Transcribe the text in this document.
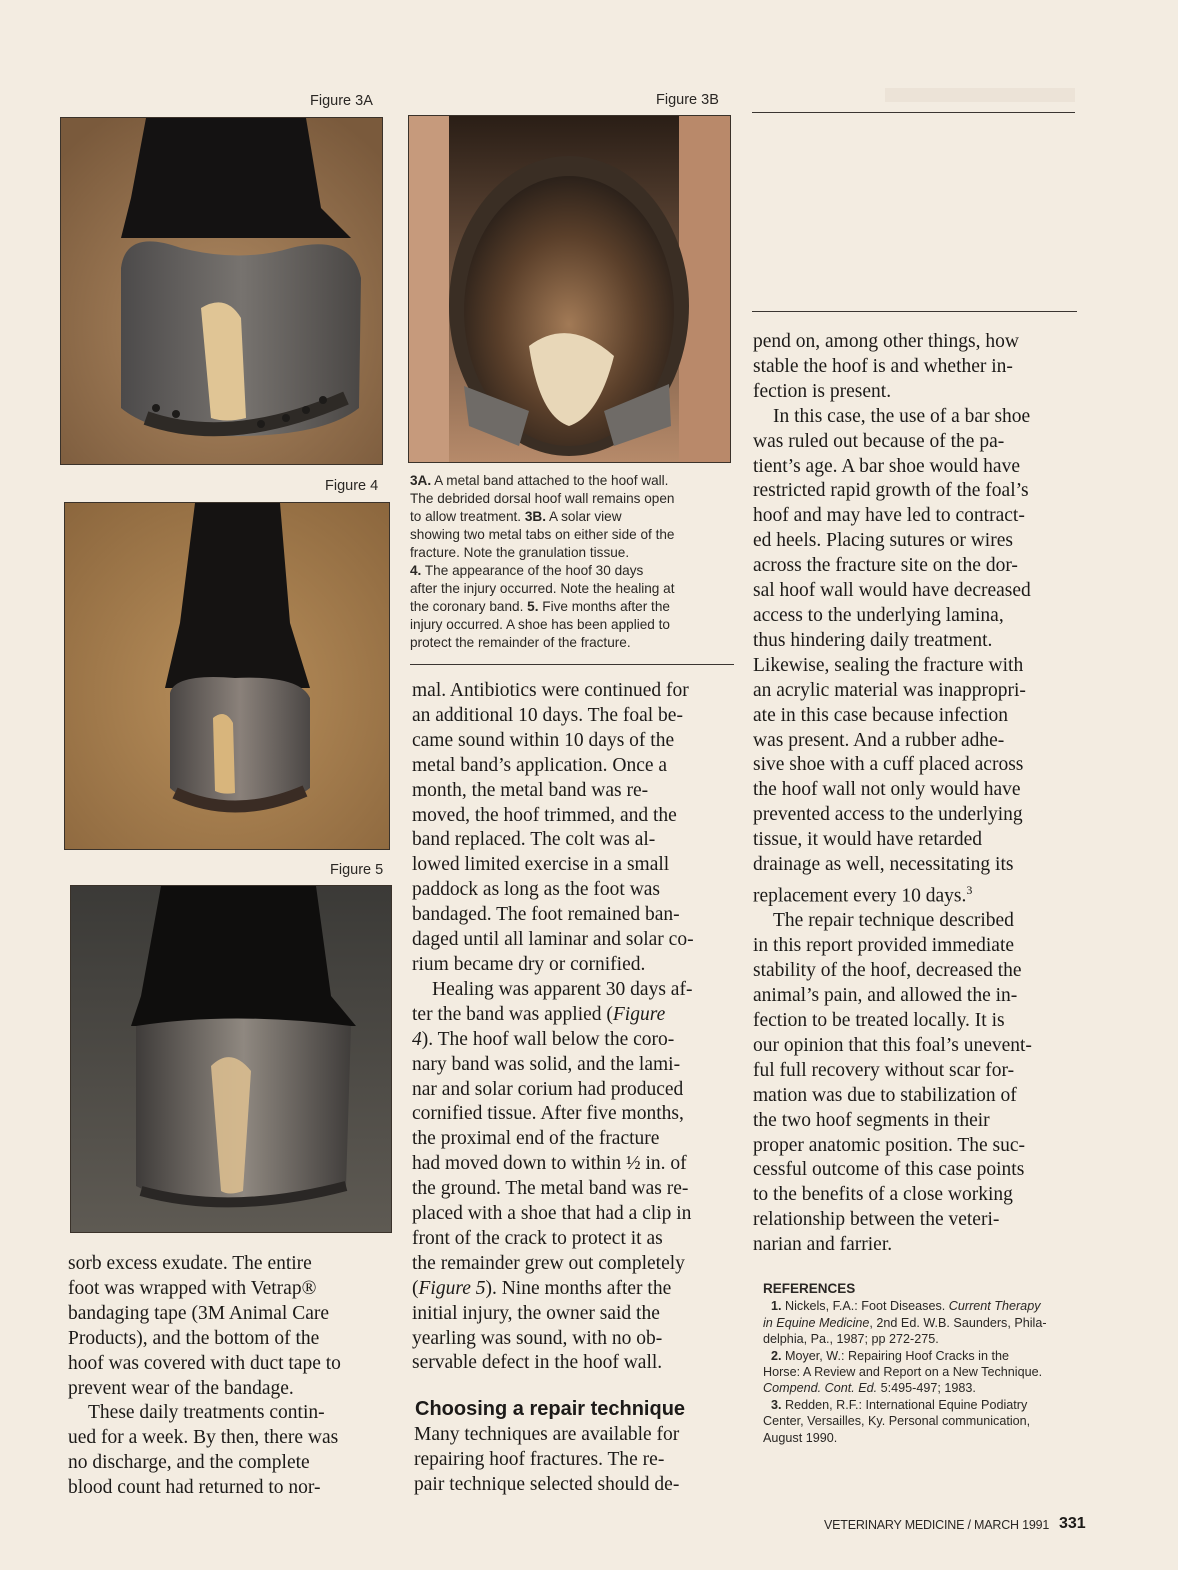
Figure 3A	Figure 3B
Figure 4
Figure 5
3A. A metal band attached to the hoof wall.
The debrided dorsal hoof wall remains open
to allow treatment. 3B. A solar view
showing two metal tabs on either side of the
fracture. Note the granulation tissue.
4. The appearance of the hoof 30 days
after the injury occurred. Note the healing at
the coronary band. 5. Five months after the
injury occurred. A shoe has been applied to
protect the remainder of the fracture.

sorb excess exudate. The entire

foot was wrapped with Vetrap®

bandaging tape (3M Animal Care

Products), and the bottom of the

hoof was covered with duct tape to

prevent wear of the bandage.

These daily treatments contin-

ued for a week. By then, there was

no discharge, and the complete

blood count had returned to nor-

mal. Antibiotics were continued for

an additional 10 days. The foal be-

came sound within 10 days of the

metal band’s application. Once a

month, the metal band was re-

moved, the hoof trimmed, and the

band replaced. The colt was al-

lowed limited exercise in a small

paddock as long as the foot was

bandaged. The foot remained ban-

daged until all laminar and solar co-

rium became dry or cornified.

Healing was apparent 30 days af-

ter the band was applied (Figure

4). The hoof wall below the coro-

nary band was solid, and the lami-

nar and solar corium had produced

cornified tissue. After five months,

the proximal end of the fracture

had moved down to within ½ in. of

the ground. The metal band was re-

placed with a shoe that had a clip in

front of the crack to protect it as

the remainder grew out completely

(Figure 5). Nine months after the

initial injury, the owner said the

yearling was sound, with no ob-

servable defect in the hoof wall.

Choosing a repair technique

Many techniques are available for

repairing hoof fractures. The re-

pair technique selected should de-

pend on, among other things, how

stable the hoof is and whether in-

fection is present.

In this case, the use of a bar shoe

was ruled out because of the pa-

tient’s age. A bar shoe would have

restricted rapid growth of the foal’s

hoof and may have led to contract-

ed heels. Placing sutures or wires

across the fracture site on the dor-

sal hoof wall would have decreased

access to the underlying lamina,

thus hindering daily treatment.

Likewise, sealing the fracture with

an acrylic material was inappropri-

ate in this case because infection

was present. And a rubber adhe-

sive shoe with a cuff placed across

the hoof wall not only would have

prevented access to the underlying

tissue, it would have retarded

drainage as well, necessitating its

replacement every 10 days.$^3$

The repair technique described

in this report provided immediate

stability of the hoof, decreased the

animal’s pain, and allowed the in-

fection to be treated locally. It is

our opinion that this foal’s unevent-

ful full recovery without scar for-

mation was due to stabilization of

the two hoof segments in their

proper anatomic position. The suc-

cessful outcome of this case points

to the benefits of a close working

relationship between the veteri-

narian and farrier.

REFERENCES
1. Nickels, F.A.: Foot Diseases. Current Therapy
in Equine Medicine, 2nd Ed. W.B. Saunders, Phila-
delphia, Pa., 1987; pp 272-275.
2. Moyer, W.: Repairing Hoof Cracks in the
Horse: A Review and Report on a New Technique.
Compend. Cont. Ed. 5:495-497; 1983.
3. Redden, R.F.: International Equine Podiatry
Center, Versailles, Ky. Personal communication,
August 1990.
VETERINARY MEDICINE / MARCH 1991 331
